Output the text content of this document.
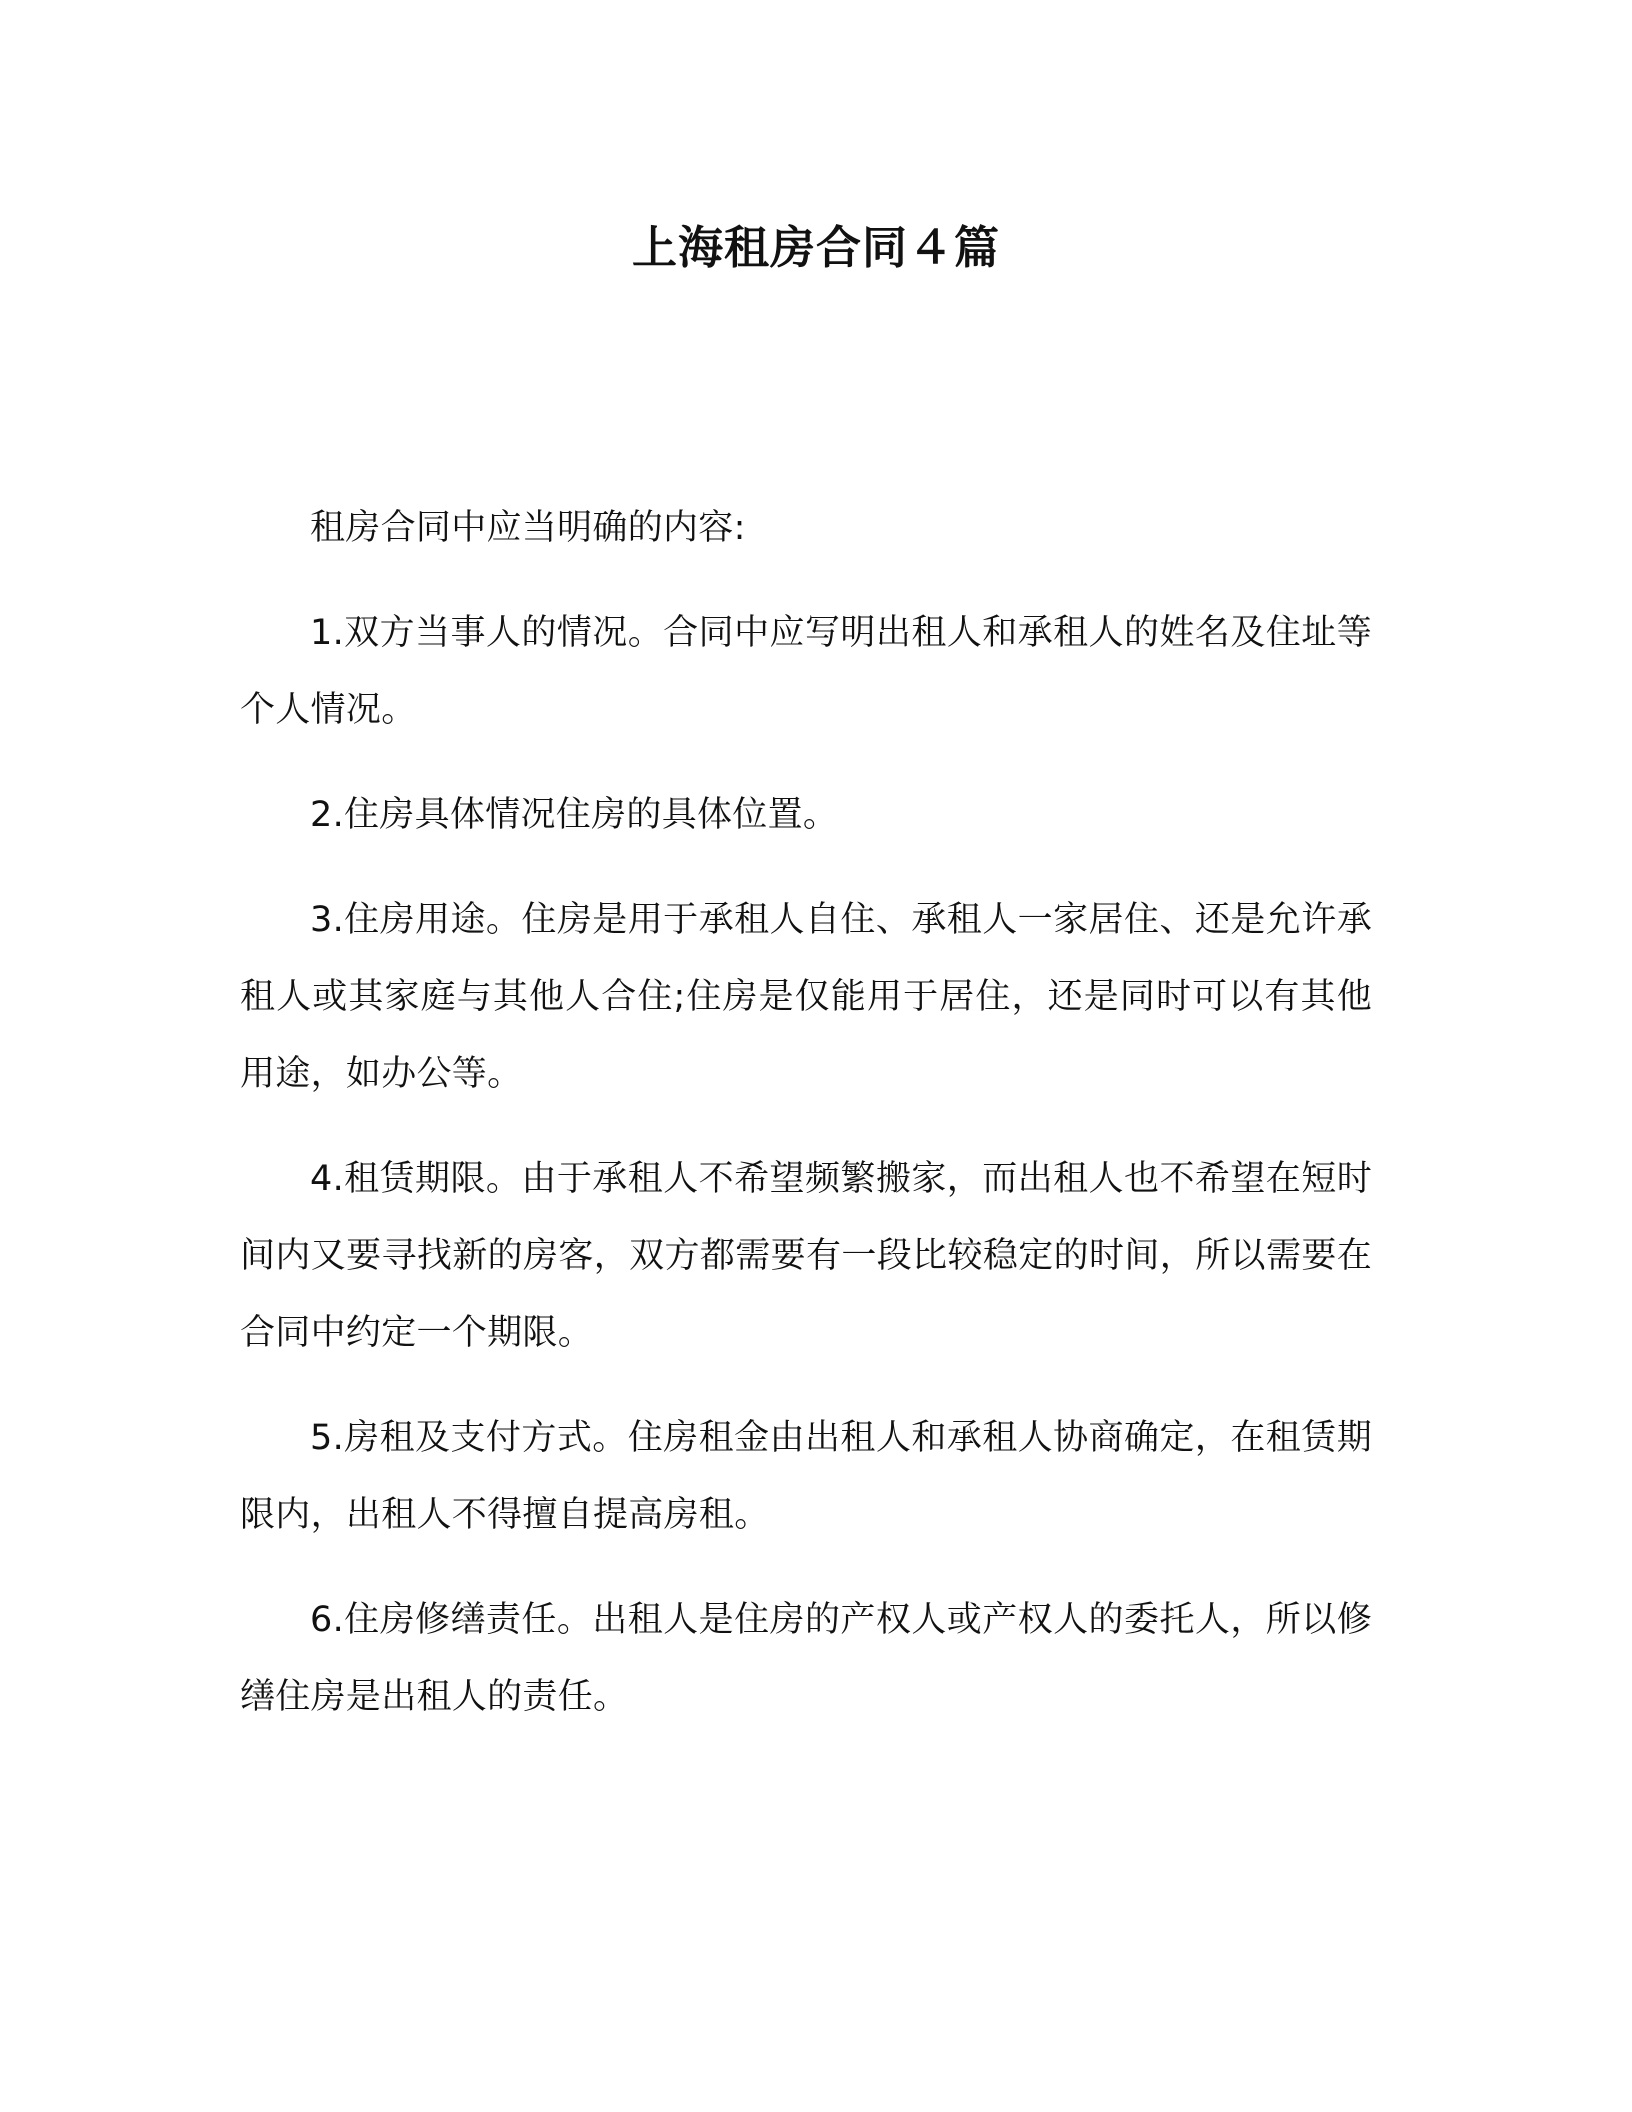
上海租房合同４篇

租房合同中应当明确的内容:

1.双方当事人的情况。合同中应写明出租人和承租人的姓名及住址等个人情况。

2.住房具体情况住房的具体位置。

3.住房用途。住房是用于承租人自住、承租人一家居住、还是允许承租人或其家庭与其他人合住;住房是仅能用于居住，还是同时可以有其他用途，如办公等。

4.租赁期限。由于承租人不希望频繁搬家，而出租人也不希望在短时间内又要寻找新的房客，双方都需要有一段比较稳定的时间，所以需要在合同中约定一个期限。

5.房租及支付方式。住房租金由出租人和承租人协商确定，在租赁期限内，出租人不得擅自提高房租。

6.住房修缮责任。出租人是住房的产权人或产权人的委托人，所以修缮住房是出租人的责任。
